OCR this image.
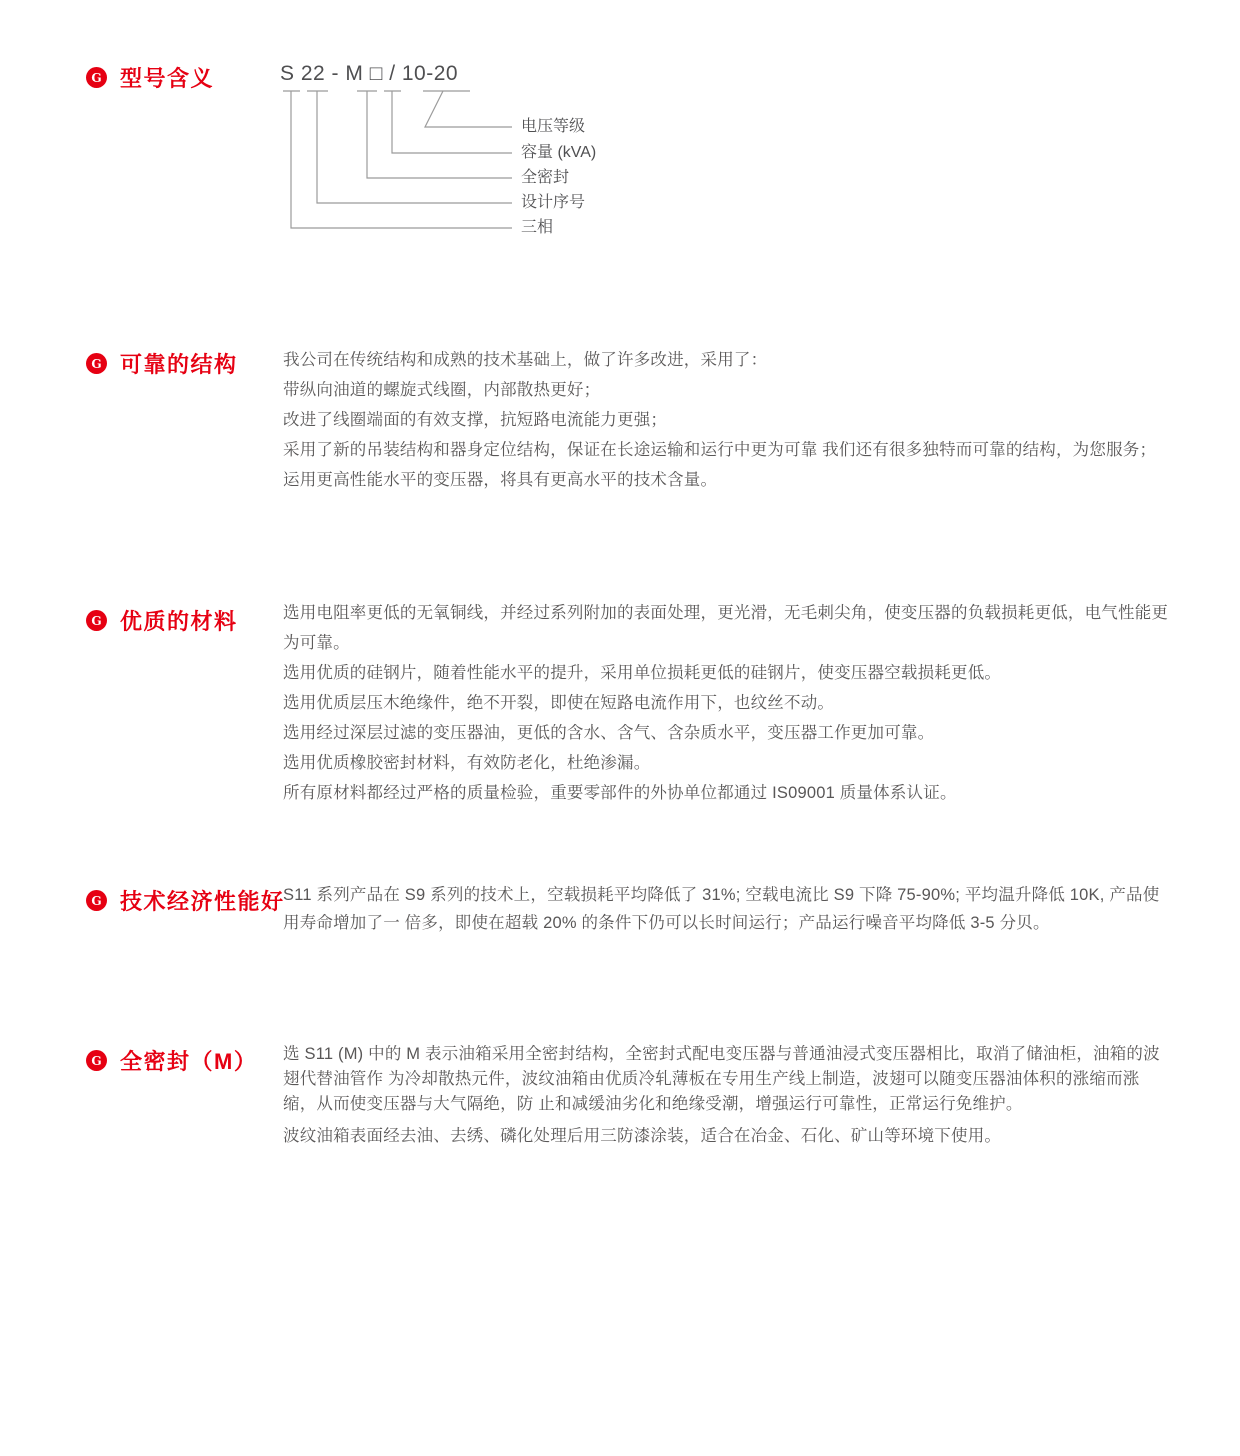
G 型号含义	S 22 - M □ / 10-20
电压等级
容量 (kVA)
全密封
设计序号
三相
G 可靠的结构	我公司在传统结构和成熟的技术基础上，做了许多改进，采用了：

带纵向油道的螺旋式线圈，内部散热更好；

改进了线圈端面的有效支撑，抗短路电流能力更强；

采用了新的吊装结构和器身定位结构，保证在长途运输和运行中更为可靠 我们还有很多独特而可靠的结构，为您服务；

运用更高性能水平的变压器，将具有更高水平的技术含量。

G 优质的材料	选用电阻率更低的无氧铜线，并经过系列附加的表面处理，更光滑，无毛刺尖角，使变压器的负载损耗更低，电气性能更为可靠。

选用优质的硅钢片，随着性能水平的提升，采用单位损耗更低的硅钢片，使变压器空载损耗更低。

选用优质层压木绝缘件，绝不开裂，即使在短路电流作用下，也纹丝不动。

选用经过深层过滤的变压器油，更低的含水、含气、含杂质水平，变压器工作更加可靠。

选用优质橡胶密封材料，有效防老化，杜绝渗漏。

所有原材料都经过严格的质量检验，重要零部件的外协单位都通过 IS09001 质量体系认证。

G 技术经济性能好

S11 系列产品在 S9 系列的技术上，空载损耗平均降低了 31%; 空载电流比 S9 下降 75-90%; 平均温升降低 10K, 产品使用寿命增加了一 倍多，即使在超载 20% 的条件下仍可以长时间运行；产品运行噪音平均降低 3-5 分贝。

G 全密封（M） 选 S11 (M) 中的 M 表示油箱采用全密封结构，全密封式配电变压器与普通油浸式变压器相比，取消了储油柜，油箱的波翅代替油管作 为冷却散热元件，波纹油箱由优质冷轧薄板在专用生产线上制造，波翅可以随变压器油体积的涨缩而涨缩，从而使变压器与大气隔绝，防 止和减缓油劣化和绝缘受潮，增强运行可靠性，正常运行免维护。

波纹油箱表面经去油、去绣、磷化处理后用三防漆涂装，适合在冶金、石化、矿山等环境下使用。
